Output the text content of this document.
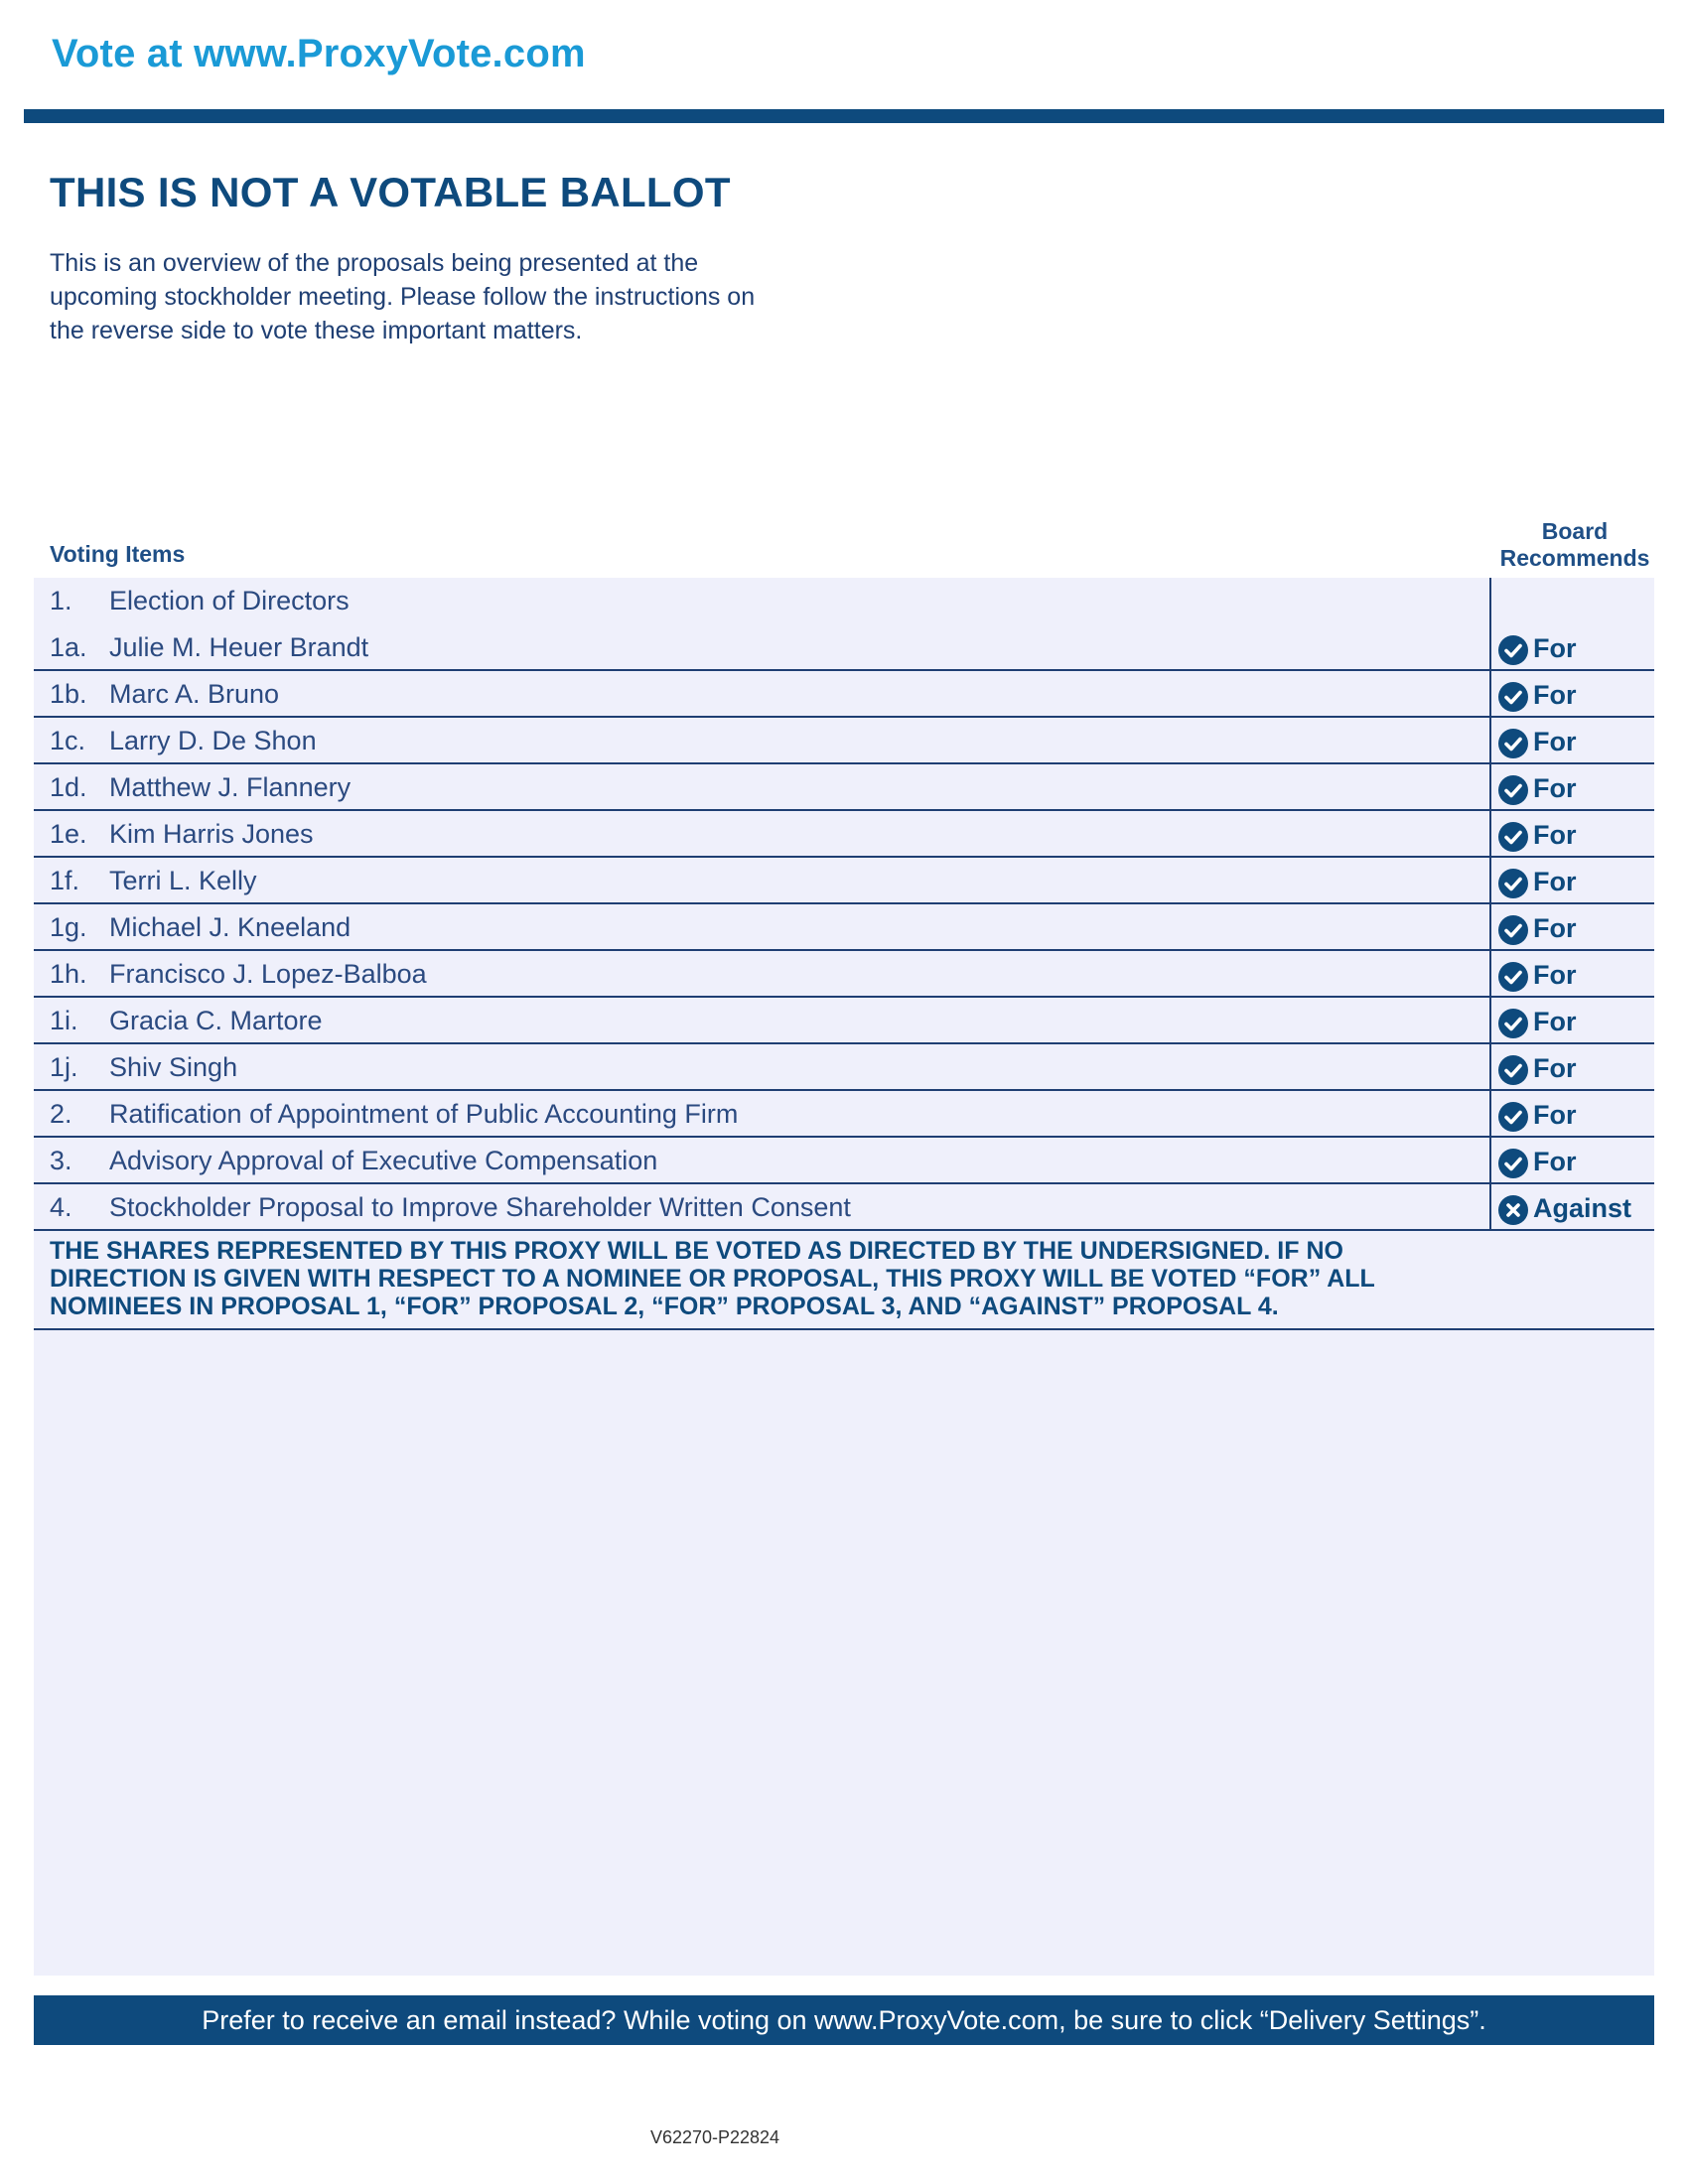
Vote at www.ProxyVote.com
THIS IS NOT A VOTABLE BALLOT
This is an overview of the proposals being presented at the
upcoming stockholder meeting. Please follow the instructions on
the reverse side to vote these important matters.
Voting Items
Board
Recommends
1. Election of Directors
1a. Julie M. Heuer Brandt	For
1b. Marc A. Bruno	For
1c. Larry D. De Shon	For
1d. Matthew J. Flannery	For
1e. Kim Harris Jones	For
1f. Terri L. Kelly	For
1g. Michael J. Kneeland	For
1h. Francisco J. Lopez-Balboa	For
1i. Gracia C. Martore	For
1j. Shiv Singh	For
2. Ratification of Appointment of Public Accounting Firm	For
3. Advisory Approval of Executive Compensation	For
4. Stockholder Proposal to Improve Shareholder Written Consent	Against
THE SHARES REPRESENTED BY THIS PROXY WILL BE VOTED AS DIRECTED BY THE UNDERSIGNED. IF NO
DIRECTION IS GIVEN WITH RESPECT TO A NOMINEE OR PROPOSAL, THIS PROXY WILL BE VOTED “FOR” ALL
NOMINEES IN PROPOSAL 1, “FOR” PROPOSAL 2, “FOR” PROPOSAL 3, AND “AGAINST” PROPOSAL 4.
Prefer to receive an email instead? While voting on www.ProxyVote.com, be sure to click “Delivery Settings”.
V62270-P22824
